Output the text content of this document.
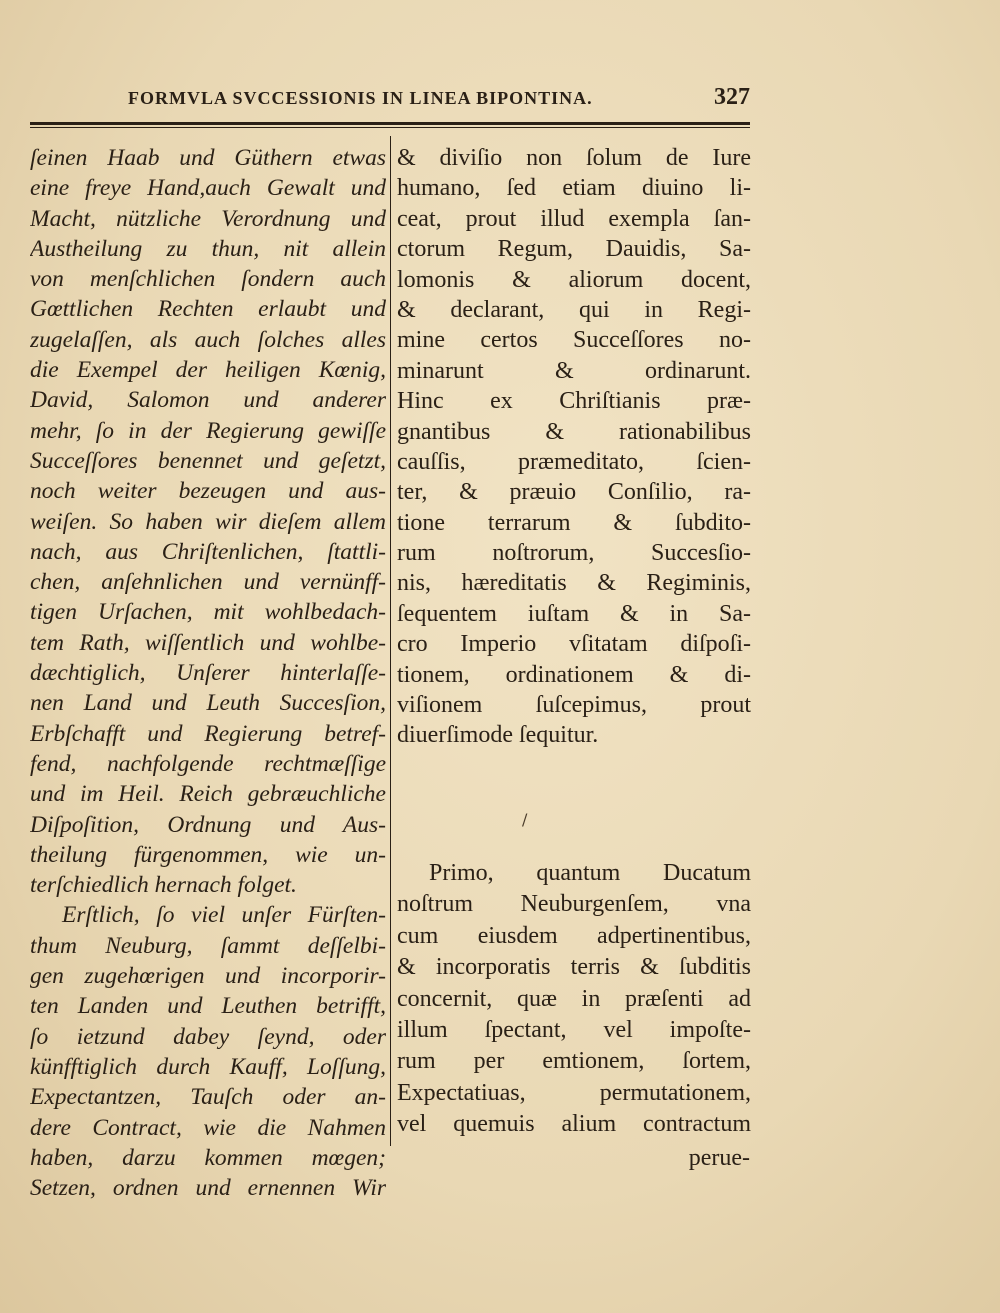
FORMVLA SVCCESSIONIS IN LINEA BIPONTINA.	327
ſeinen Haab und Güthern etwas
eine freye Hand,auch Gewalt und
Macht, nützliche Verordnung und
Austheilung zu thun, nit allein
von menſchlichen ſondern auch
Gœttlichen Rechten erlaubt und
zugelaſſen, als auch ſolches alles
die Exempel der heiligen Kœnig,
David, Salomon und anderer
mehr, ſo in der Regierung gewiſſe
Succeſſores benennet und geſetzt,
noch weiter bezeugen und aus-
weiſen. So haben wir dieſem allem
nach, aus Chriſtenlichen, ſtattli-
chen, anſehnlichen und vernünff-
tigen Urſachen, mit wohlbedach-
tem Rath, wiſſentlich und wohlbe-
dæchtiglich, Unſerer hinterlaſſe-
nen Land und Leuth Succesſion,
Erbſchafft und Regierung betref-
fend, nachfolgende rechtmæſſige
und im Heil. Reich gebræuchliche
Diſpoſition, Ordnung und Aus-
theilung fürgenommen, wie un-
terſchiedlich hernach folget.
Erſtlich, ſo viel unſer Fürſten-
thum Neuburg, ſammt deſſelbi-
gen zugehœrigen und incorporir-
ten Landen und Leuthen betrifft,
ſo ietzund dabey ſeynd, oder
künfftiglich durch Kauff, Loſſung,
Expectantzen, Tauſch oder an-
dere Contract, wie die Nahmen
haben, darzu kommen mœgen;
Setzen, ordnen und ernennen Wir
& diviſio non ſolum de Iure
humano, ſed etiam diuino li-
ceat, prout illud exempla ſan-
ctorum Regum, Dauidis, Sa-
lomonis & aliorum docent,
& declarant, qui in Regi-
mine certos Succeſſores no-
minarunt & ordinarunt.
Hinc ex Chriſtianis præ-
gnantibus & rationabilibus
cauſſis, præmeditato, ſcien-
ter, & præuio Conſilio, ra-
tione terrarum & ſubdito-
rum noſtrorum, Succesſio-
nis, hæreditatis & Regiminis,
ſequentem iuſtam & in Sa-
cro Imperio vſitatam diſpoſi-
tionem, ordinationem & di-
viſionem ſuſcepimus, prout
diuerſimode ſequitur.
/
Primo, quantum Ducatum
noſtrum Neuburgenſem, vna
cum eiusdem adpertinentibus,
& incorporatis terris & ſubditis
concernit, quæ in præſenti ad
illum ſpectant, vel impoſte-
rum per emtionem, ſortem,
Expectatiuas, permutationem,
vel quemuis alium contractum
perue-
